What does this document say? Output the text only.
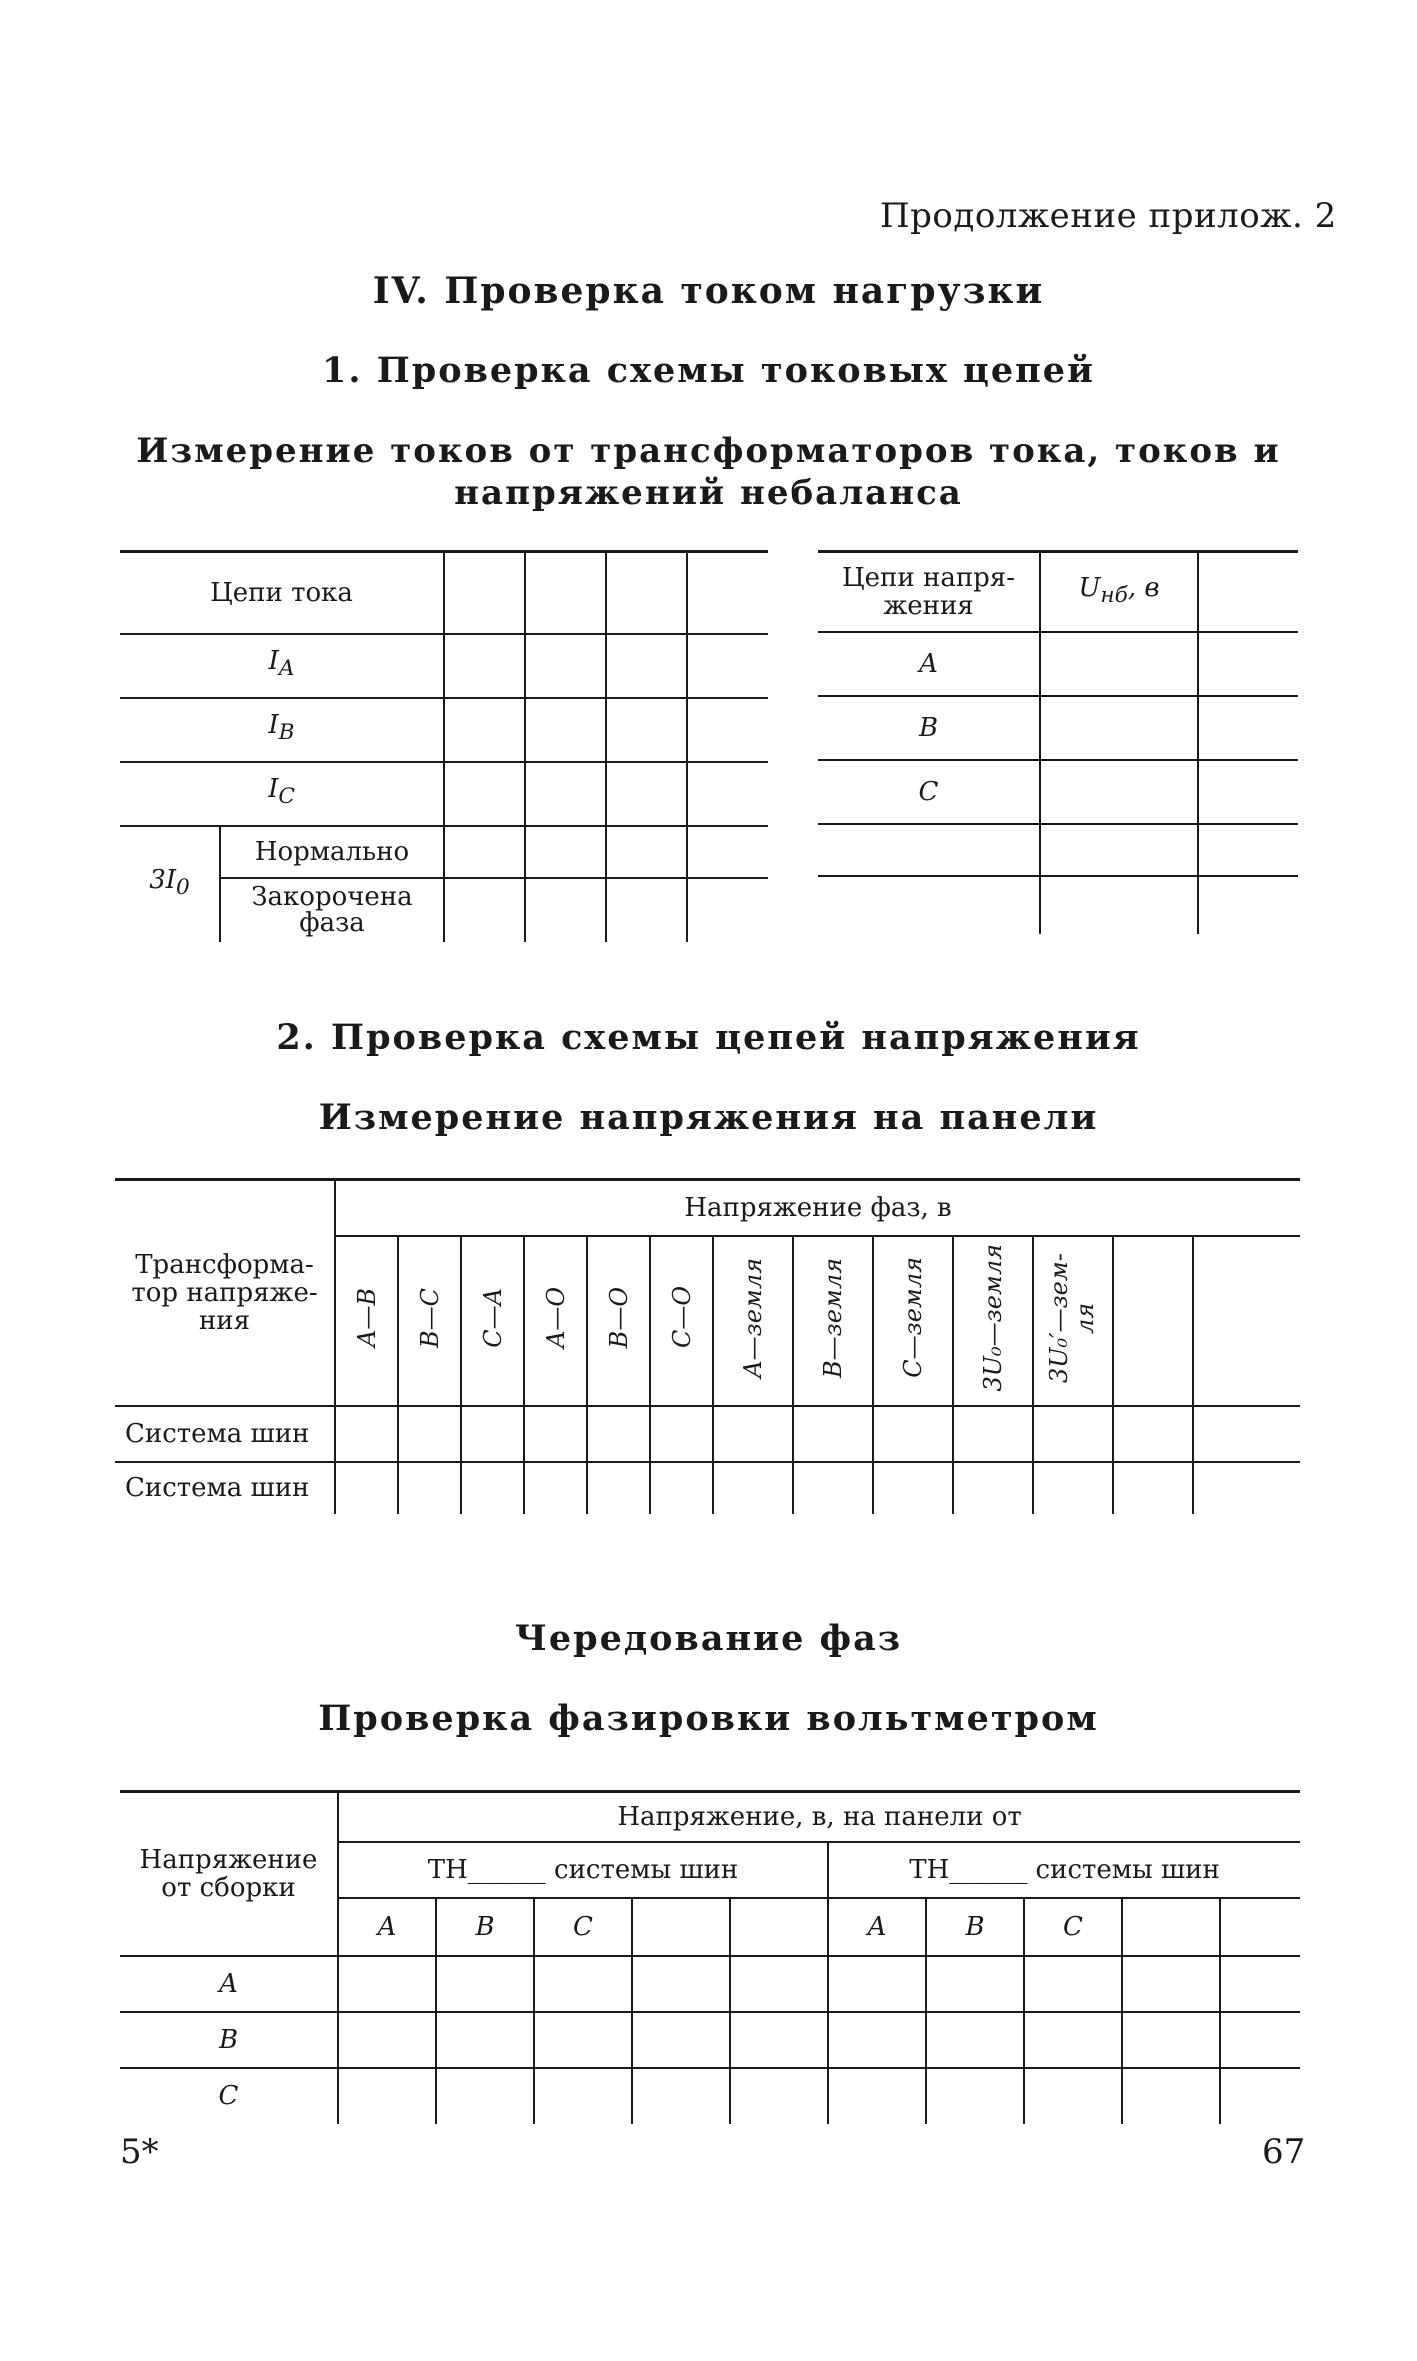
Продолжение прилож. 2
IV. Проверка током нагрузки
1. Проверка схемы токовых цепей
Измерение токов от трансформаторов тока, токов и
напряжений небаланса
Цепи тока					
$I_A$				
$I_B$				
$I_C$				
$3I_0$	Нормально				
	Закорочена фаза				
Цепи напря-жения	$U_{нб}$, в	
A		
B		
C		

2. Проверка схемы цепей напряжения
Измерение напряжения на панели
Трансформа-тор напряже-ния	Напряжение фаз, в												
	A—B	B—C	C—A	A—O	B—O	C—O	A—земля	B—земля	C—земля	3U₀—земля	3U₀′—зем-ля		
Система шин													
Система шин													
Чередование фаз
Проверка фазировки вольтметром
Напряжение от сборки	Напряжение, в, на панели от									
	TH______ системы шин					TH______ системы шин				
	A	B	C			A	B	C		
A										
B										
C										
5*	67
